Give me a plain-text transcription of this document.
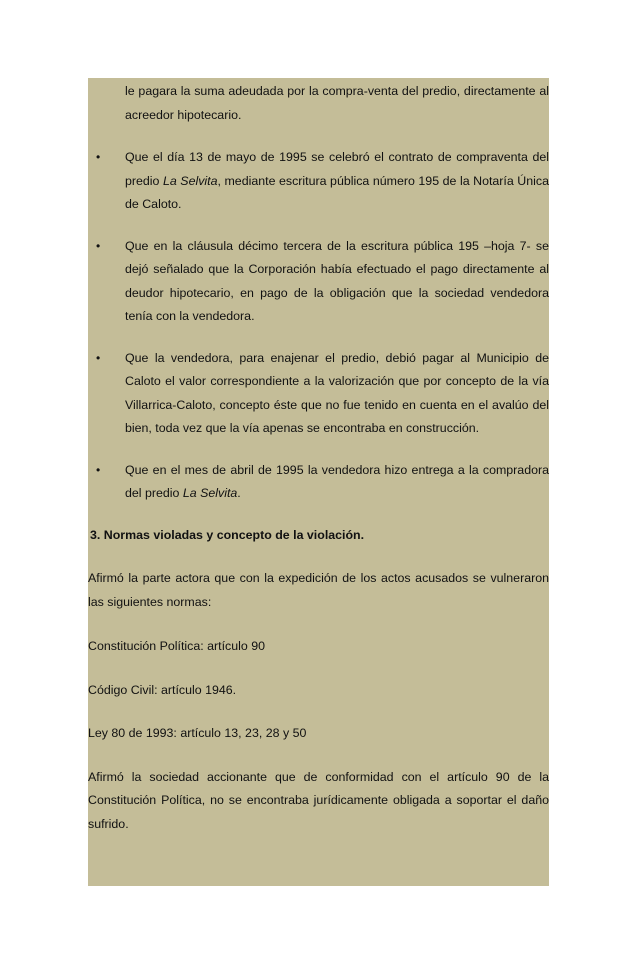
le pagara la suma adeudada por la compra-venta del predio, directamente al acreedor hipotecario.
•	Que el día 13 de mayo de 1995 se celebró el contrato de compraventa del predio La Selvita, mediante escritura pública número 195 de la Notaría Única de Caloto.
•	Que en la cláusula décimo tercera de la escritura pública 195 –hoja 7- se dejó señalado que la Corporación había efectuado el pago directamente al deudor hipotecario, en pago de la obligación que la sociedad vendedora tenía con la vendedora.
•	Que la vendedora, para enajenar el predio, debió pagar al Municipio de Caloto el valor correspondiente a la valorización que por concepto de la vía Villarrica-Caloto, concepto éste que no fue tenido en cuenta en el avalúo del bien, toda vez que la vía apenas se encontraba en construcción.
•	Que en el mes de abril de 1995 la vendedora hizo entrega a la compradora del predio La Selvita.
3. Normas violadas y concepto de la violación.

Afirmó la parte actora que con la expedición de los actos acusados se vulneraron las siguientes normas:

Constitución Política: artículo 90

Código Civil: artículo 1946.

Ley 80 de 1993: artículo 13, 23, 28 y 50

Afirmó la sociedad accionante que de conformidad con el artículo 90 de la Constitución Política, no se encontraba jurídicamente obligada a soportar el daño sufrido.
